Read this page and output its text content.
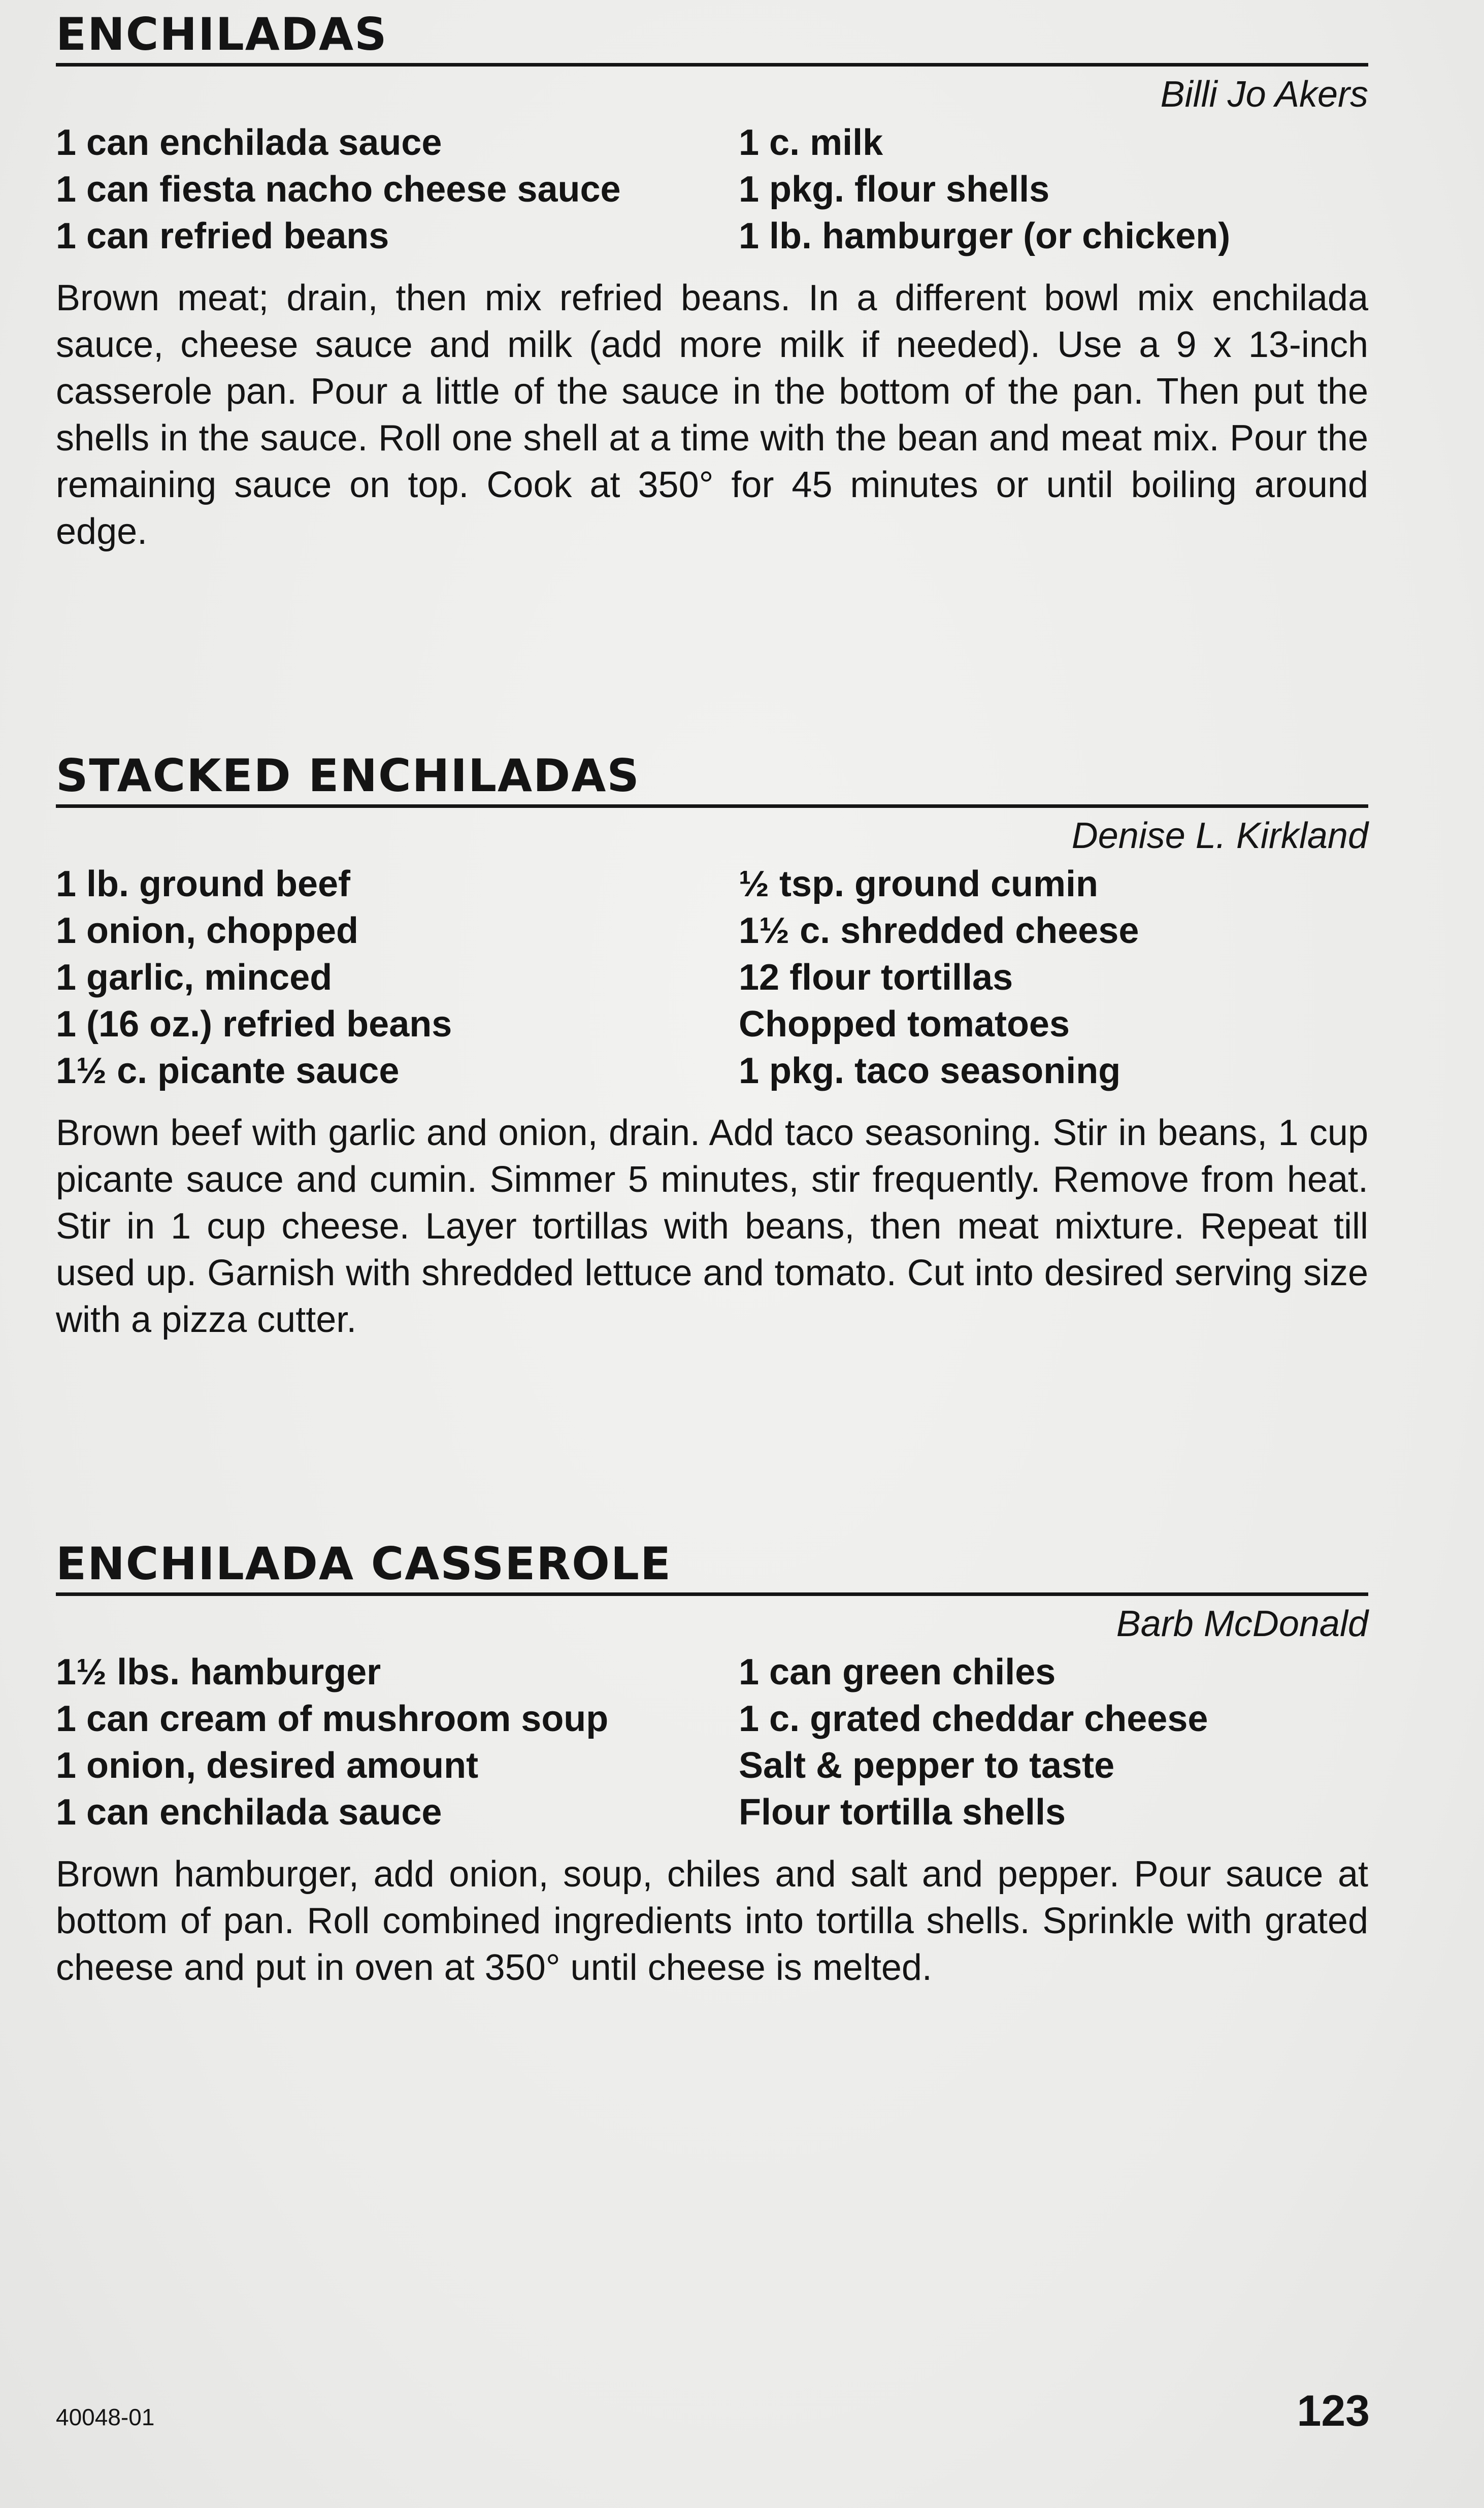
ENCHILADAS
Billi Jo Akers
1 can enchilada sauce
1 can fiesta nacho cheese sauce
1 can refried beans
1 c. milk
1 pkg. flour shells
1 lb. hamburger (or chicken)

Brown meat; drain, then mix refried beans. In a different bowl mix enchilada sauce, cheese sauce and milk (add more milk if needed). Use a 9 x 13-inch casserole pan. Pour a little of the sauce in the bottom of the pan. Then put the shells in the sauce. Roll one shell at a time with the bean and meat mix. Pour the remaining sauce on top. Cook at 350° for 45 minutes or until boiling around edge.

STACKED ENCHILADAS
Denise L. Kirkland
1 lb. ground beef
1 onion, chopped
1 garlic, minced
1 (16 oz.) refried beans
1½ c. picante sauce
½ tsp. ground cumin
1½ c. shredded cheese
12 flour tortillas
Chopped tomatoes
1 pkg. taco seasoning

Brown beef with garlic and onion, drain. Add taco seasoning. Stir in beans, 1 cup picante sauce and cumin. Simmer 5 minutes, stir frequently. Remove from heat. Stir in 1 cup cheese. Layer tortillas with beans, then meat mixture. Repeat till used up. Garnish with shredded lettuce and tomato. Cut into desired serving size with a pizza cutter.

ENCHILADA CASSEROLE
Barb McDonald
1½ lbs. hamburger
1 can cream of mushroom soup
1 onion, desired amount
1 can enchilada sauce
1 can green chiles
1 c. grated cheddar cheese
Salt & pepper to taste
Flour tortilla shells

Brown hamburger, add onion, soup, chiles and salt and pepper. Pour sauce at bottom of pan. Roll combined ingredients into tortilla shells. Sprinkle with grated cheese and put in oven at 350° until cheese is melted.

40048-01	123
